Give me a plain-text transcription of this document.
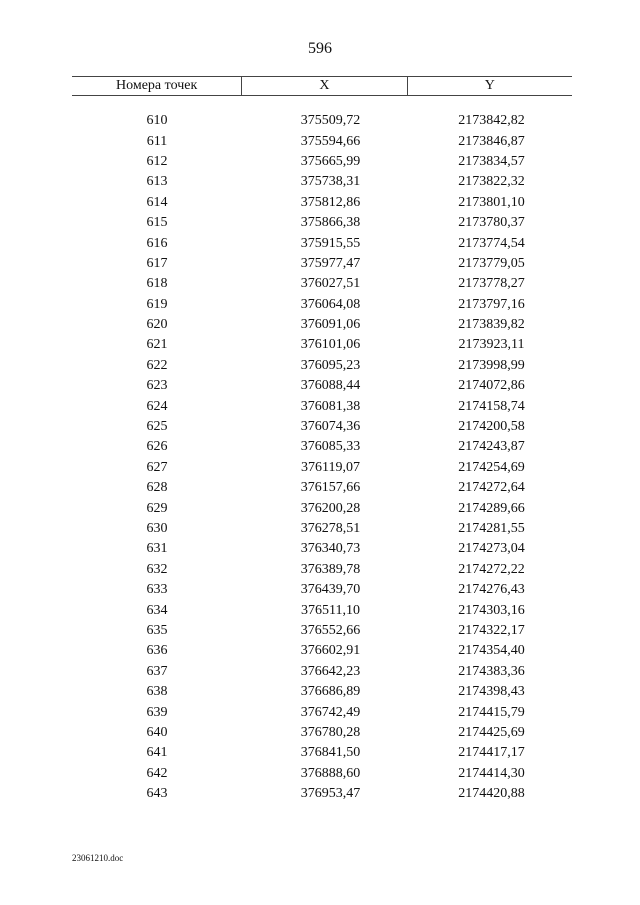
596
Номера точек	X	Y
610	375509,72	2173842,82
611	375594,66	2173846,87
612	375665,99	2173834,57
613	375738,31	2173822,32
614	375812,86	2173801,10
615	375866,38	2173780,37
616	375915,55	2173774,54
617	375977,47	2173779,05
618	376027,51	2173778,27
619	376064,08	2173797,16
620	376091,06	2173839,82
621	376101,06	2173923,11
622	376095,23	2173998,99
623	376088,44	2174072,86
624	376081,38	2174158,74
625	376074,36	2174200,58
626	376085,33	2174243,87
627	376119,07	2174254,69
628	376157,66	2174272,64
629	376200,28	2174289,66
630	376278,51	2174281,55
631	376340,73	2174273,04
632	376389,78	2174272,22
633	376439,70	2174276,43
634	376511,10	2174303,16
635	376552,66	2174322,17
636	376602,91	2174354,40
637	376642,23	2174383,36
638	376686,89	2174398,43
639	376742,49	2174415,79
640	376780,28	2174425,69
641	376841,50	2174417,17
642	376888,60	2174414,30
643	376953,47	2174420,88
23061210.doc
